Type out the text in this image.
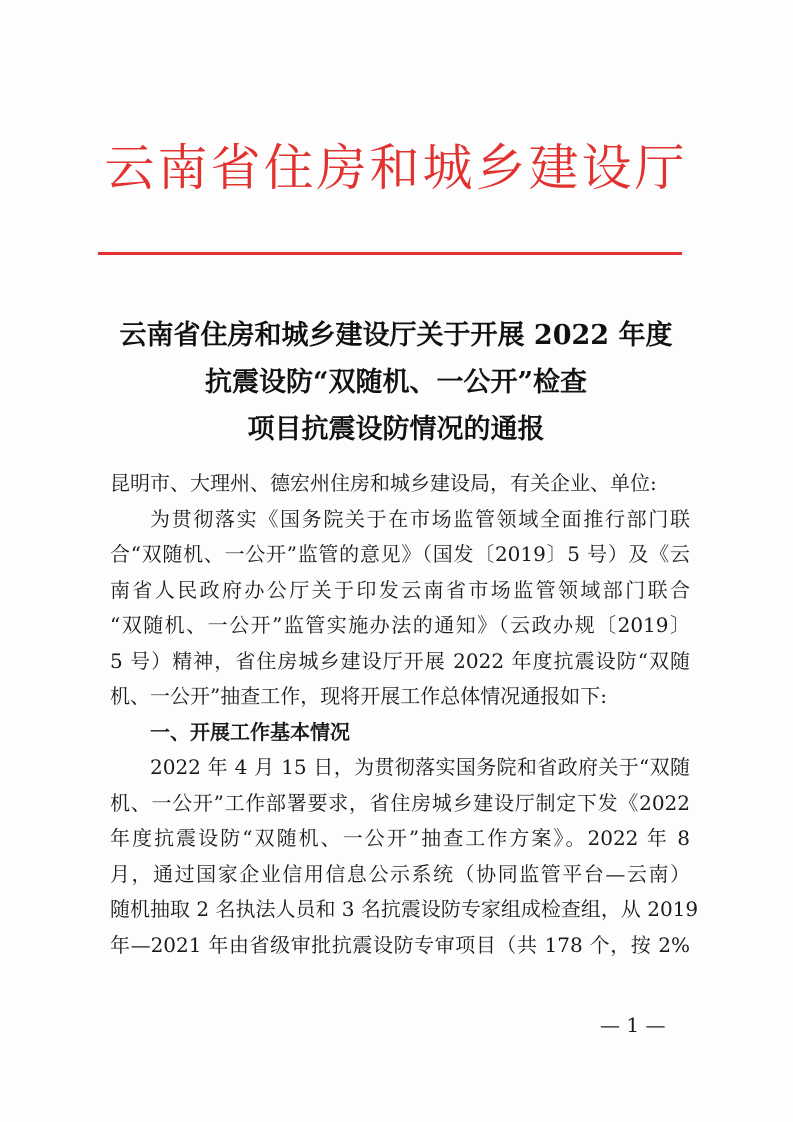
云南省住房和城乡建设厅
云南省住房和城乡建设厅关于开展 2022 年度
抗震设防“双随机、一公开”检查
项目抗震设防情况的通报
昆明市、大理州、德宏州住房和城乡建设局，有关企业、单位:
为贯彻落实《国务院关于在市场监管领域全面推行部门联
合“双随机、一公开”监管的意见》（国发〔2019〕5 号）及《云
南省人民政府办公厅关于印发云南省市场监管领域部门联合
“双随机、一公开”监管实施办法的通知》（云政办规〔2019〕
5 号）精神，省住房城乡建设厅开展 2022 年度抗震设防“双随
机、一公开”抽查工作，现将开展工作总体情况通报如下:
一、开展工作基本情况
2022 年 4 月 15 日，为贯彻落实国务院和省政府关于“双随
机、一公开”工作部署要求，省住房城乡建设厅制定下发《2022
年度抗震设防“双随机、一公开”抽查工作方案》。2022 年 8
月，通过国家企业信用信息公示系统（协同监管平台—云南）
随机抽取 2 名执法人员和 3 名抗震设防专家组成检查组，从 2019
年—2021 年由省级审批抗震设防专审项目（共 178 个，按 2%
— 1 —
